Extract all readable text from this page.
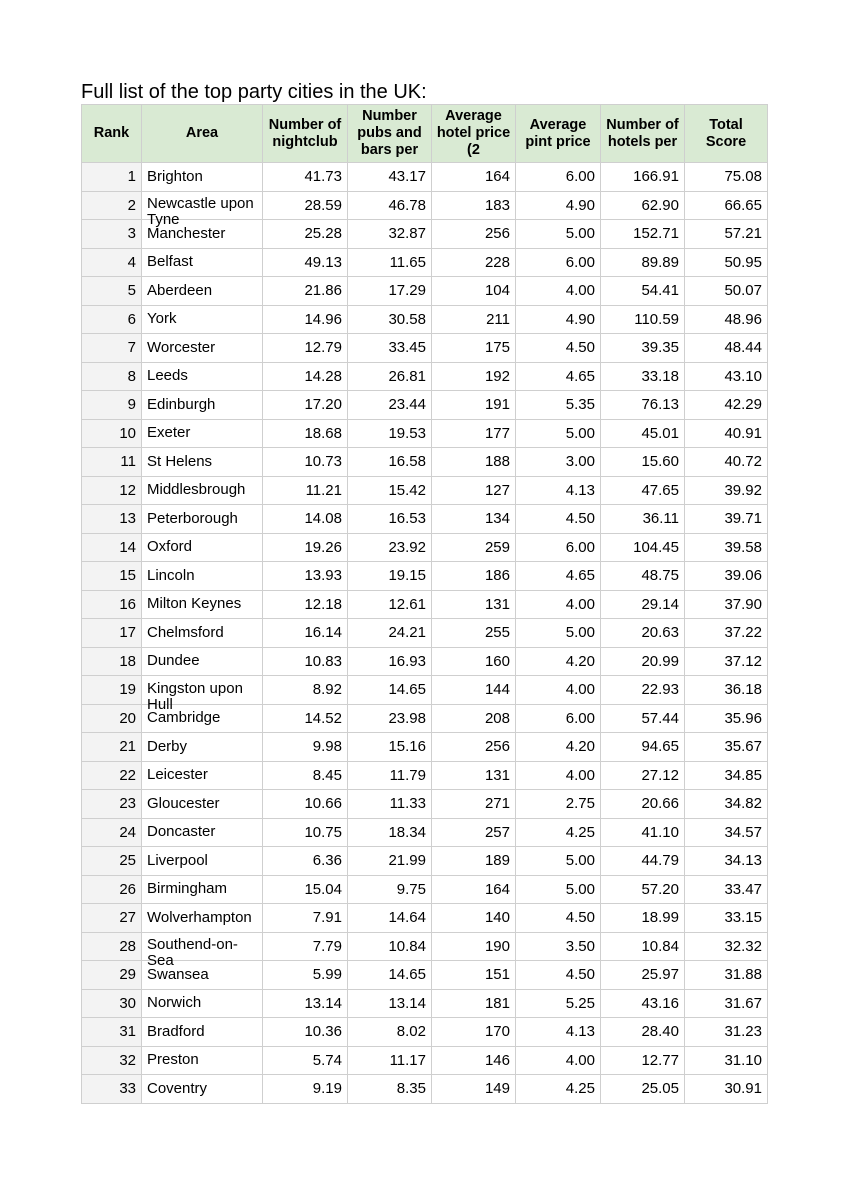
Full list of the top party cities in the UK:
Rank	Area	Number of nightclub	Number pubs and bars per	Average hotel price (2	Average pint price	Number of hotels per	Total Score

1	Brighton	41.73	43.17	164	6.00	166.91	75.08
2	Newcastle upon Tyne	28.59	46.78	183	4.90	62.90	66.65
3	Manchester	25.28	32.87	256	5.00	152.71	57.21
4	Belfast	49.13	11.65	228	6.00	89.89	50.95
5	Aberdeen	21.86	17.29	104	4.00	54.41	50.07
6	York	14.96	30.58	211	4.90	110.59	48.96
7	Worcester	12.79	33.45	175	4.50	39.35	48.44
8	Leeds	14.28	26.81	192	4.65	33.18	43.10
9	Edinburgh	17.20	23.44	191	5.35	76.13	42.29
10	Exeter	18.68	19.53	177	5.00	45.01	40.91
11	St Helens	10.73	16.58	188	3.00	15.60	40.72
12	Middlesbrough	11.21	15.42	127	4.13	47.65	39.92
13	Peterborough	14.08	16.53	134	4.50	36.11	39.71
14	Oxford	19.26	23.92	259	6.00	104.45	39.58
15	Lincoln	13.93	19.15	186	4.65	48.75	39.06
16	Milton Keynes	12.18	12.61	131	4.00	29.14	37.90
17	Chelmsford	16.14	24.21	255	5.00	20.63	37.22
18	Dundee	10.83	16.93	160	4.20	20.99	37.12
19	Kingston upon Hull	8.92	14.65	144	4.00	22.93	36.18
20	Cambridge	14.52	23.98	208	6.00	57.44	35.96
21	Derby	9.98	15.16	256	4.20	94.65	35.67
22	Leicester	8.45	11.79	131	4.00	27.12	34.85
23	Gloucester	10.66	11.33	271	2.75	20.66	34.82
24	Doncaster	10.75	18.34	257	4.25	41.10	34.57
25	Liverpool	6.36	21.99	189	5.00	44.79	34.13
26	Birmingham	15.04	9.75	164	5.00	57.20	33.47
27	Wolverhampton	7.91	14.64	140	4.50	18.99	33.15
28	Southend-on-Sea	7.79	10.84	190	3.50	10.84	32.32
29	Swansea	5.99	14.65	151	4.50	25.97	31.88
30	Norwich	13.14	13.14	181	5.25	43.16	31.67
31	Bradford	10.36	8.02	170	4.13	28.40	31.23
32	Preston	5.74	11.17	146	4.00	12.77	31.10
33	Coventry	9.19	8.35	149	4.25	25.05	30.91
